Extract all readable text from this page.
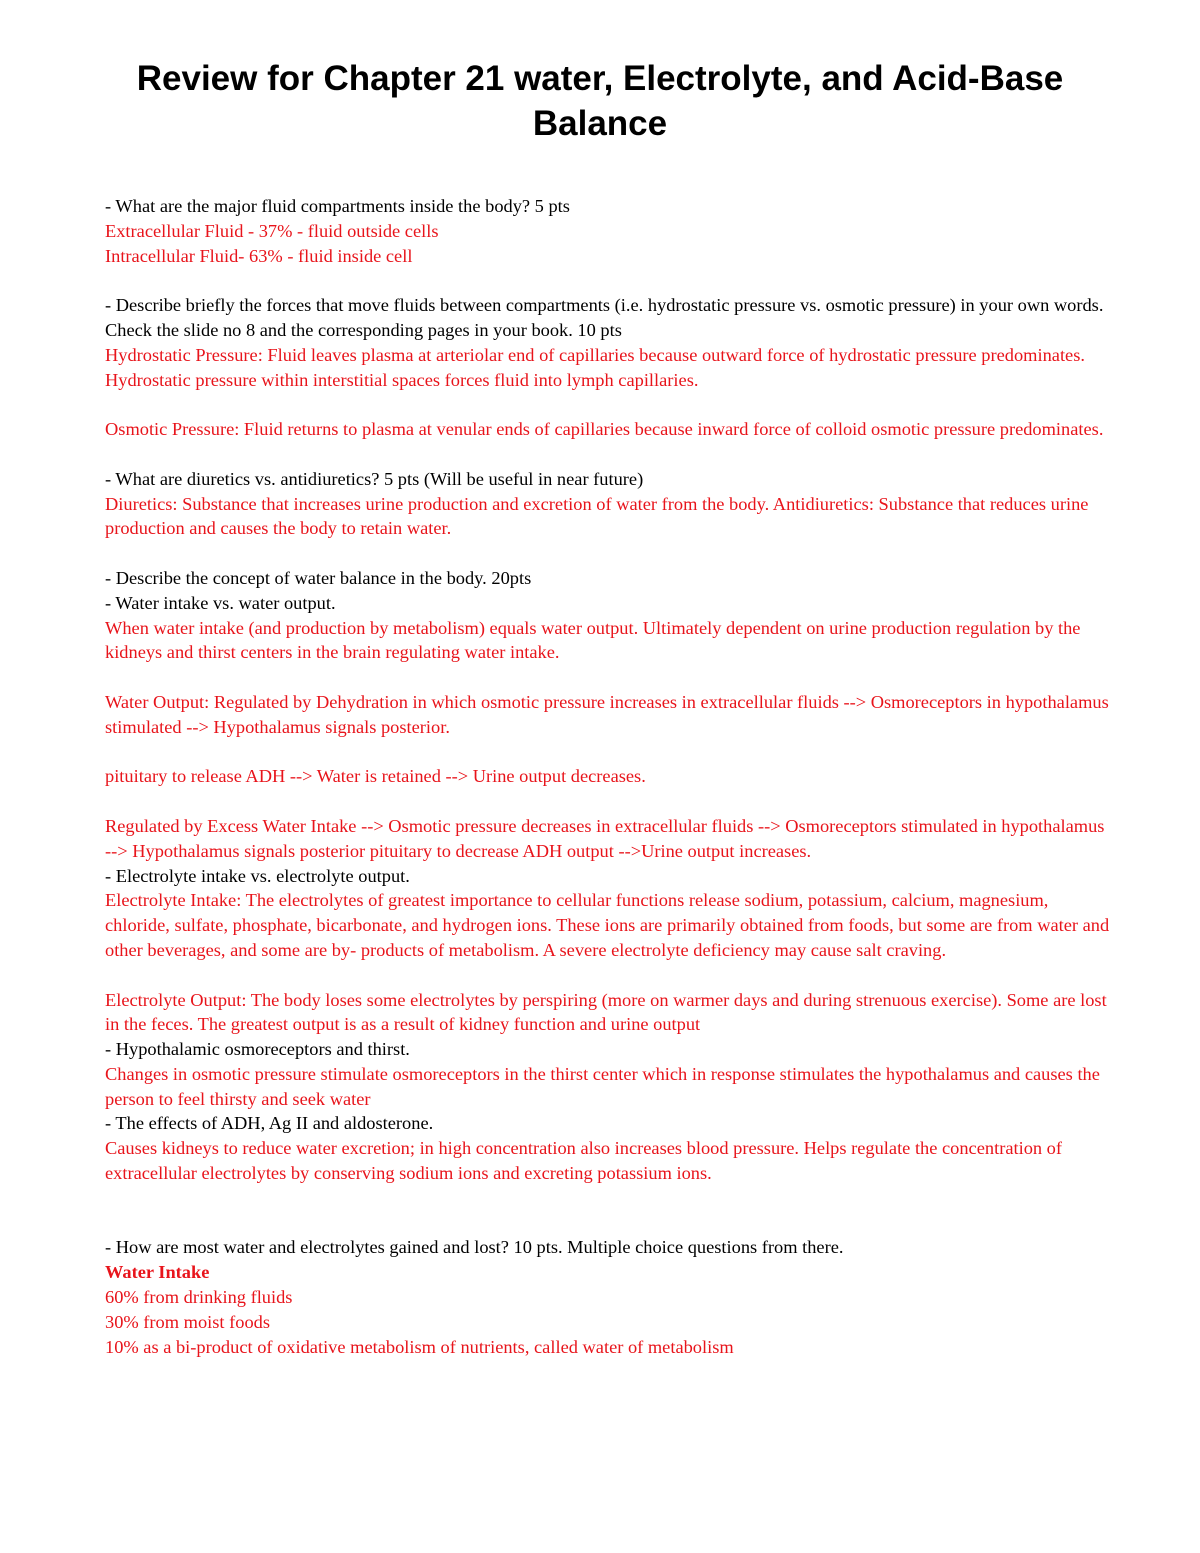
Review for Chapter 21 water, Electrolyte, and Acid-Base Balance

- What are the major fluid compartments inside the body? 5 pts

Extracellular Fluid - 37% - fluid outside cells

Intracellular Fluid- 63% - fluid inside cell

- Describe briefly the forces that move fluids between compartments (i.e. hydrostatic pressure vs. osmotic pressure) in your own words. Check the slide no 8 and the corresponding pages in your book. 10 pts

Hydrostatic Pressure: Fluid leaves plasma at arteriolar end of capillaries because outward force of hydrostatic pressure predominates. Hydrostatic pressure within interstitial spaces forces fluid into lymph capillaries.

Osmotic Pressure: Fluid returns to plasma at venular ends of capillaries because inward force of colloid osmotic pressure predominates.

- What are diuretics vs. antidiuretics? 5 pts (Will be useful in near future)

Diuretics: Substance that increases urine production and excretion of water from the body. Antidiuretics: Substance that reduces urine production and causes the body to retain water.

- Describe the concept of water balance in the body. 20pts

- Water intake vs. water output.

When water intake (and production by metabolism) equals water output. Ultimately dependent on urine production regulation by the kidneys and thirst centers in the brain regulating water intake.

Water Output: Regulated by Dehydration in which osmotic pressure increases in extracellular fluids --> Osmoreceptors in hypothalamus stimulated --> Hypothalamus signals posterior.

pituitary to release ADH --> Water is retained --> Urine output decreases.

Regulated by Excess Water Intake --> Osmotic pressure decreases in extracellular fluids --> Osmoreceptors stimulated in hypothalamus --> Hypothalamus signals posterior pituitary to decrease ADH output -->Urine output increases.

- Electrolyte intake vs. electrolyte output.

Electrolyte Intake: The electrolytes of greatest importance to cellular functions release sodium, potassium, calcium, magnesium, chloride, sulfate, phosphate, bicarbonate, and hydrogen ions. These ions are primarily obtained from foods, but some are from water and other beverages, and some are by- products of metabolism. A severe electrolyte deficiency may cause salt craving.

Electrolyte Output: The body loses some electrolytes by perspiring (more on warmer days and during strenuous exercise). Some are lost in the feces. The greatest output is as a result of kidney function and urine output

- Hypothalamic osmoreceptors and thirst.

Changes in osmotic pressure stimulate osmoreceptors in the thirst center which in response stimulates the hypothalamus and causes the person to feel thirsty and seek water

- The effects of ADH, Ag II and aldosterone.

Causes kidneys to reduce water excretion; in high concentration also increases blood pressure. Helps regulate the concentration of extracellular electrolytes by conserving sodium ions and excreting potassium ions.

- How are most water and electrolytes gained and lost? 10 pts. Multiple choice questions from there.

Water Intake

60% from drinking fluids

30% from moist foods

10% as a bi-product of oxidative metabolism of nutrients, called water of metabolism
